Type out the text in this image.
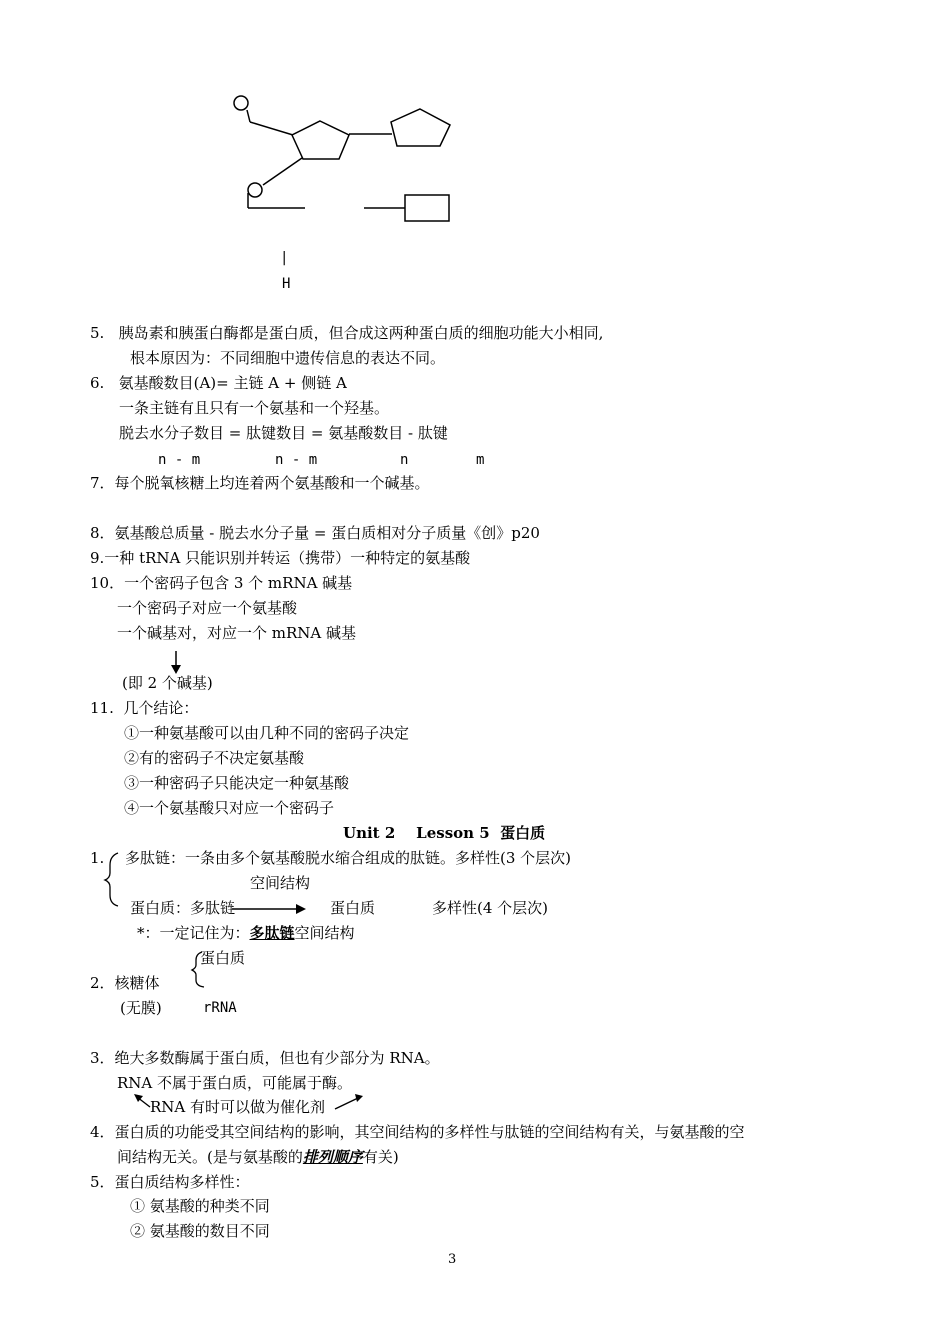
|
H
5.   胰岛素和胰蛋白酶都是蛋白质，但合成这两种蛋白质的细胞功能大小相同,
根本原因为：不同细胞中遗传信息的表达不同。
6.   氨基酸数目(A)= 主链 A + 侧链 A
一条主链有且只有一个氨基和一个羟基。
脱去水分子数目 = 肽键数目 = 氨基酸数目 - 肽键
n - m	n - m	n	m
7．每个脱氧核糖上均连着两个氨基酸和一个碱基。
8．氨基酸总质量 - 脱去水分子量 = 蛋白质相对分子质量《创》p20
9.一种 tRNA 只能识别并转运（携带）一种特定的氨基酸
10．一个密码子包含 3 个 mRNA 碱基
一个密码子对应一个氨基酸
一个碱基对，对应一个 mRNA 碱基
(即 2 个碱基)
11.  几个结论：
①一种氨基酸可以由几种不同的密码子决定
②有的密码子不决定氨基酸
③一种密码子只能决定一种氨基酸
④一个氨基酸只对应一个密码子
Unit 2    Lesson 5  蛋白质
1. 多肽链：一条由多个氨基酸脱水缩合组成的肽链。多样性(3 个层次)
空间结构
蛋白质：多肽链	蛋白质	多样性(4 个层次)
*：一定记住为：多肽链空间结构
蛋白质
2．核糖体
(无膜)	rRNA
3．绝大多数酶属于蛋白质，但也有少部分为 RNA。
RNA 不属于蛋白质，可能属于酶。
RNA 有时可以做为催化剂
4．蛋白质的功能受其空间结构的影响，其空间结构的多样性与肽链的空间结构有关，与氨基酸的空
间结构无关。(是与氨基酸的排列顺序有关)
5．蛋白质结构多样性：
① 氨基酸的种类不同
② 氨基酸的数目不同
3
